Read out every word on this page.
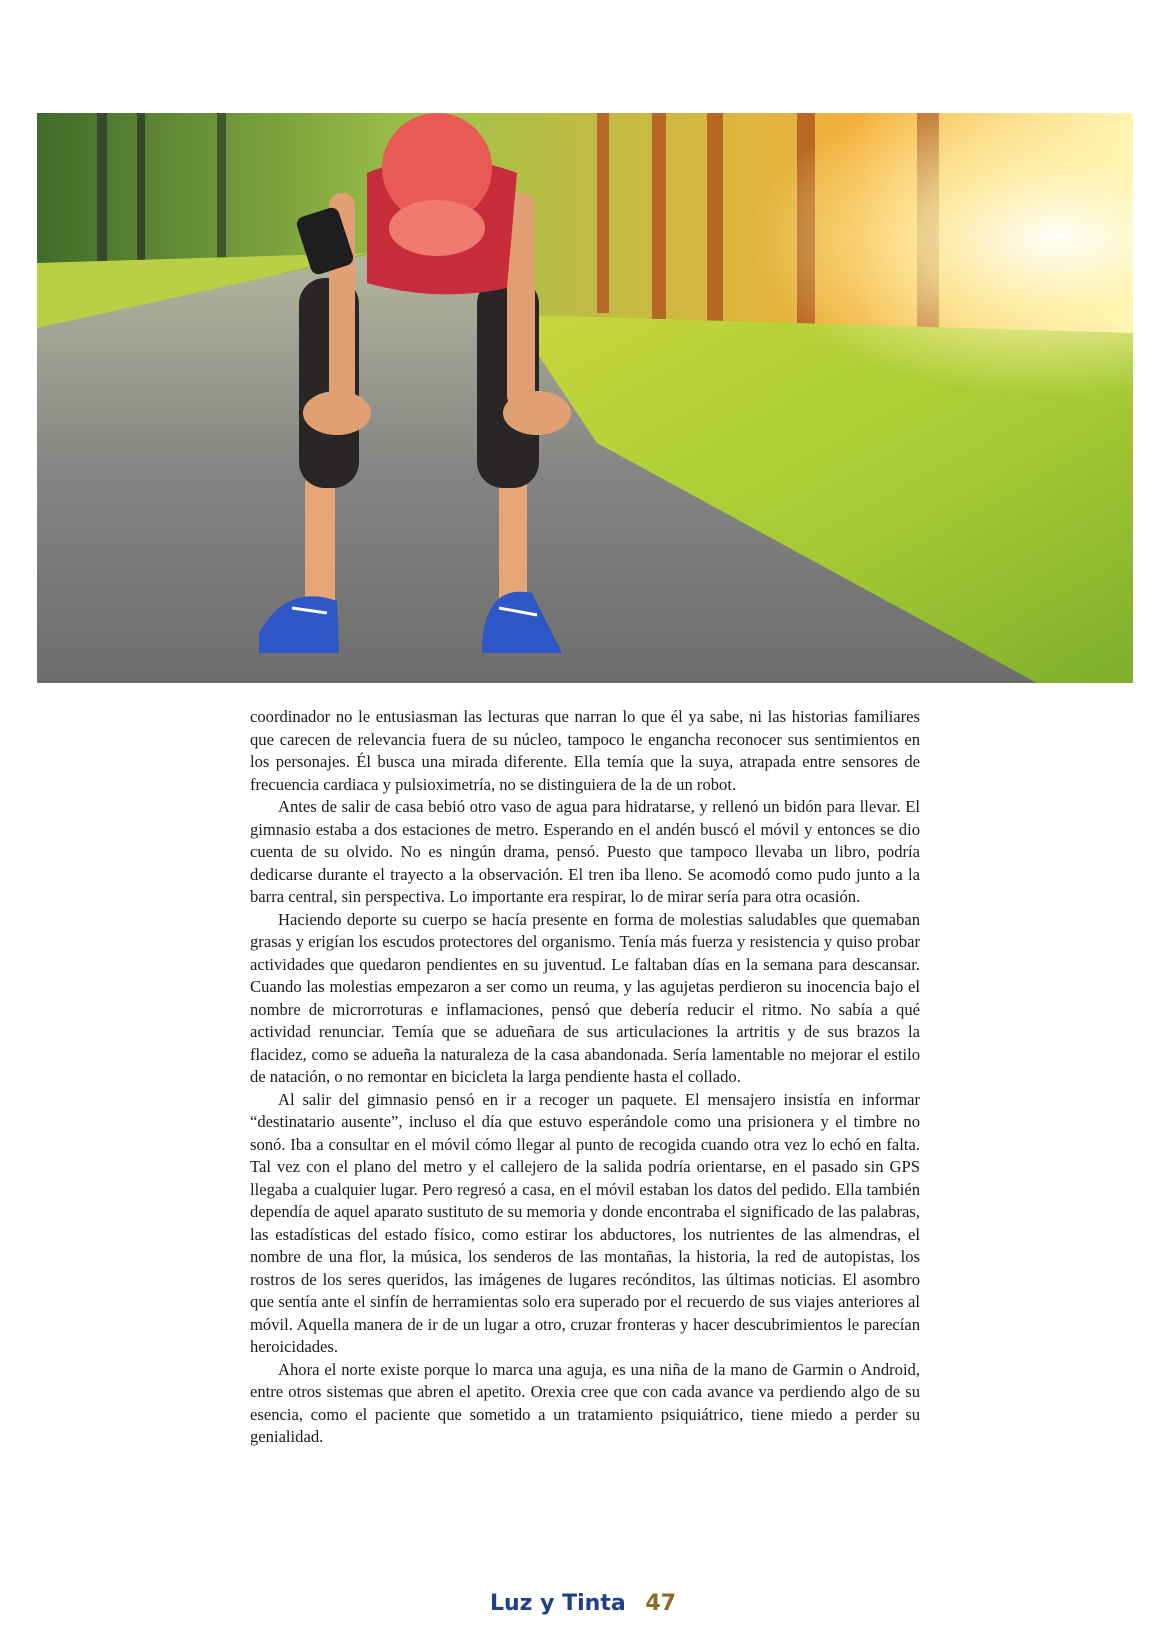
coordinador no le entusiasman las lecturas que narran lo que él ya sabe, ni las historias familiares que carecen de relevancia fuera de su núcleo, tampoco le engancha reconocer sus sentimientos en los personajes. Él busca una mirada diferente. Ella temía que la suya, atrapada entre sensores de frecuencia cardiaca y pulsioximetría, no se distinguiera de la de un robot.

Antes de salir de casa bebió otro vaso de agua para hidratarse, y rellenó un bidón para llevar. El gimnasio estaba a dos estaciones de metro. Esperando en el andén buscó el móvil y entonces se dio cuenta de su olvido. No es ningún drama, pensó. Puesto que tampoco llevaba un libro, podría dedicarse durante el trayecto a la observación. El tren iba lleno. Se acomodó como pudo junto a la barra central, sin perspectiva. Lo importante era respirar, lo de mirar sería para otra ocasión.

Haciendo deporte su cuerpo se hacía presente en forma de molestias saludables que quemaban grasas y erigían los escudos protectores del organismo. Tenía más fuerza y resistencia y quiso probar actividades que quedaron pendientes en su juventud. Le faltaban días en la semana para descansar. Cuando las molestias empezaron a ser como un reuma, y las agujetas perdieron su inocencia bajo el nombre de microrroturas e inflamaciones, pensó que debería reducir el ritmo. No sabía a qué actividad renunciar. Temía que se adueñara de sus articulaciones la artritis y de sus brazos la flacidez, como se adueña la naturaleza de la casa abandonada. Sería lamentable no mejorar el estilo de natación, o no remontar en bicicleta la larga pendiente hasta el collado.

Al salir del gimnasio pensó en ir a recoger un paquete. El mensajero insistía en informar “destinatario ausente”, incluso el día que estuvo esperándole como una prisionera y el timbre no sonó. Iba a consultar en el móvil cómo llegar al punto de recogida cuando otra vez lo echó en falta. Tal vez con el plano del metro y el callejero de la salida podría orientarse, en el pasado sin GPS llegaba a cualquier lugar. Pero regresó a casa, en el móvil estaban los datos del pedido. Ella también dependía de aquel aparato sustituto de su memoria y donde encontraba el significado de las palabras, las estadísticas del estado físico, como estirar los abductores, los nutrientes de las almendras, el nombre de una flor, la música, los senderos de las montañas, la historia, la red de autopistas, los rostros de los seres queridos, las imágenes de lugares recónditos, las últimas noticias. El asombro que sentía ante el sinfín de herramientas solo era superado por el recuerdo de sus viajes anteriores al móvil. Aquella manera de ir de un lugar a otro, cruzar fronteras y hacer descubrimientos le parecían heroicidades.

Ahora el norte existe porque lo marca una aguja, es una niña de la mano de Garmin o Android, entre otros sistemas que abren el apetito. Orexia cree que con cada avance va perdiendo algo de su esencia, como el paciente que sometido a un tratamiento psiquiátrico, tiene miedo a perder su genialidad.

Luz y Tinta 47
